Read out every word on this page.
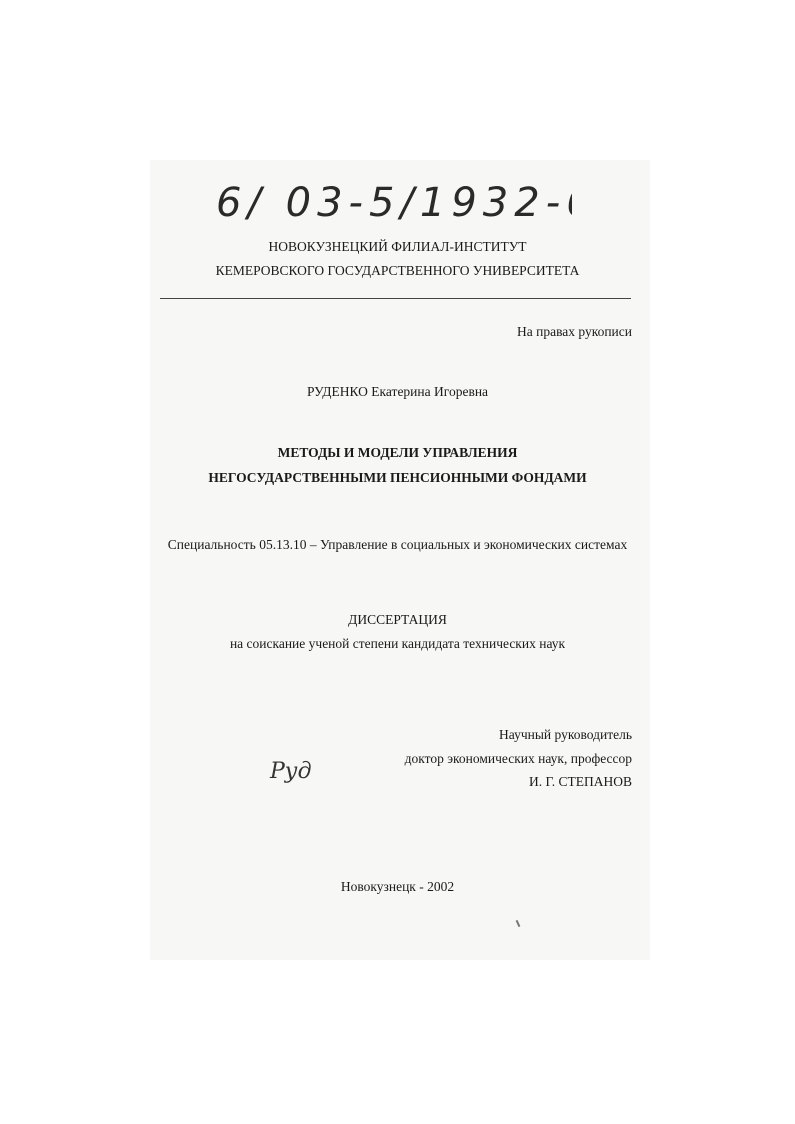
6/ 03-5/1932-6
НОВОКУЗНЕЦКИЙ ФИЛИАЛ-ИНСТИТУТ
КЕМЕРОВСКОГО ГОСУДАРСТВЕННОГО УНИВЕРСИТЕТА
На правах рукописи
РУДЕНКО Екатерина Игоревна
МЕТОДЫ И МОДЕЛИ УПРАВЛЕНИЯ
НЕГОСУДАРСТВЕННЫМИ ПЕНСИОННЫМИ ФОНДАМИ
Специальность 05.13.10 – Управление в социальных и экономических системах
ДИССЕРТАЦИЯ
на соискание ученой степени кандидата технических наук
Научный руководитель
доктор экономических наук, профессор
И. Г. СТЕПАНОВ
Руд
Новокузнецк - 2002
